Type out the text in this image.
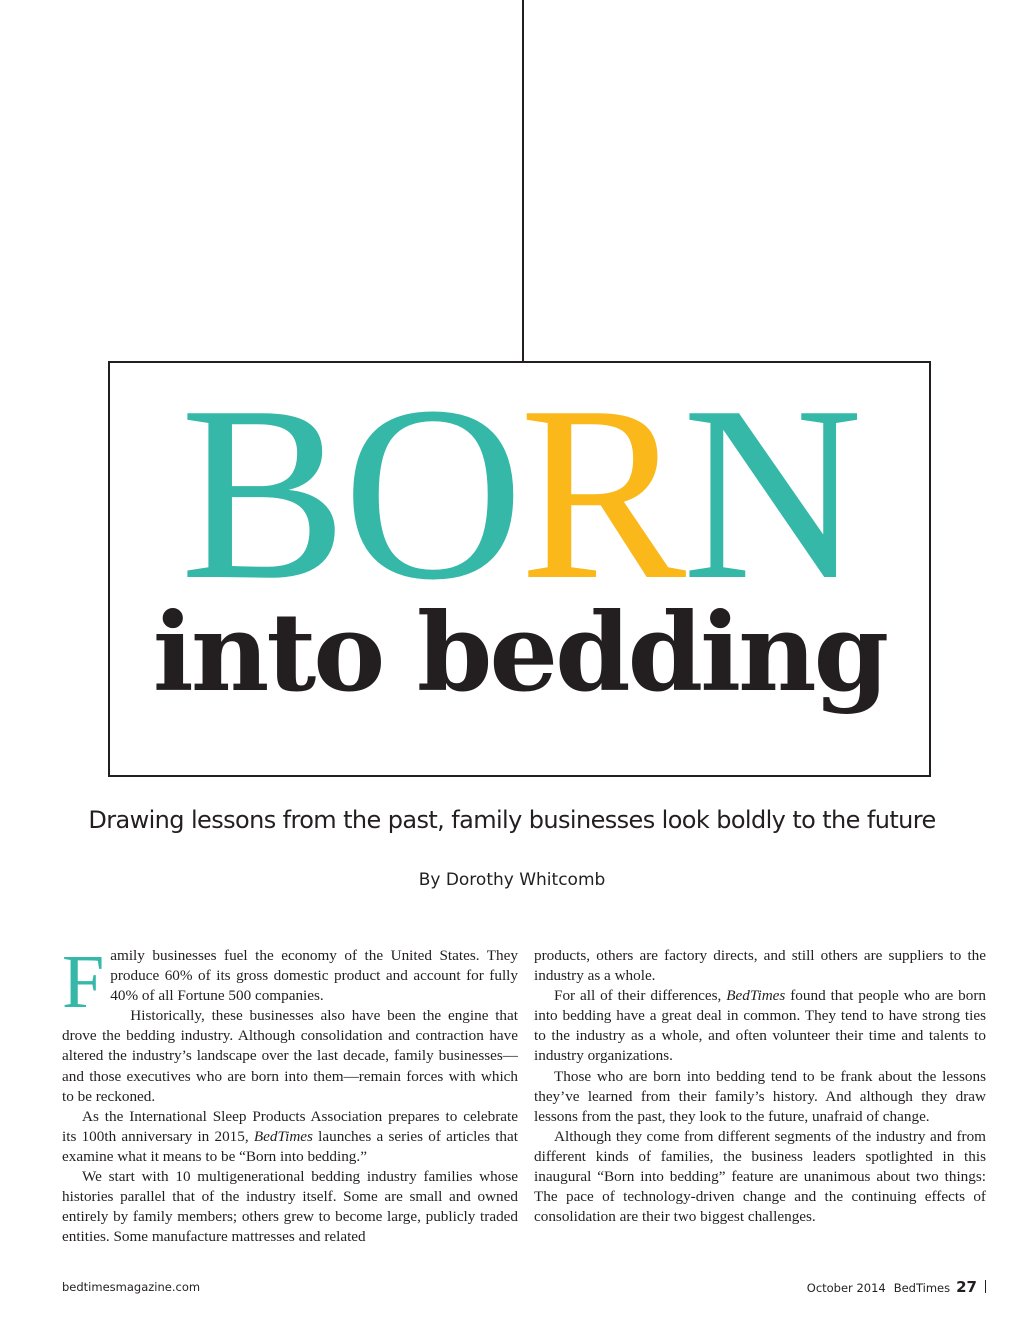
BORN
into bedding
Drawing lessons from the past, family businesses look boldly to the future
By Dorothy Whitcomb

Family businesses fuel the economy of the United States. They produce 60% of its gross domestic product and account for fully 40% of all Fortune 500 companies.

Historically, these businesses also have been the engine that drove the bedding industry. Although consolidation and contraction have altered the industry’s landscape over the last decade, family businesses—and those executives who are born into them—remain forces with which to be reckoned.

As the International Sleep Products Association prepares to celebrate its 100th anniversary in 2015, BedTimes launches a series of articles that examine what it means to be “Born into bedding.”

We start with 10 multigenerational bedding industry families whose histories parallel that of the industry itself. Some are small and owned entirely by family members; others grew to become large, publicly traded entities. Some manufacture mattresses and related

products, others are factory directs, and still others are suppliers to the industry as a whole.

For all of their differences, BedTimes found that people who are born into bedding have a great deal in common. They tend to have strong ties to the industry as a whole, and often volunteer their time and talents to industry organizations.

Those who are born into bedding tend to be frank about the lessons they’ve learned from their family’s history. And although they draw lessons from the past, they look to the future, unafraid of change.

Although they come from different segments of the industry and from different kinds of families, the business leaders spotlighted in this inaugural “Born into bedding” feature are unanimous about two things: The pace of technology-driven change and the continuing effects of consolidation are their two biggest challenges.

bedtimesmagazine.com	October 2014 BedTimes 27
